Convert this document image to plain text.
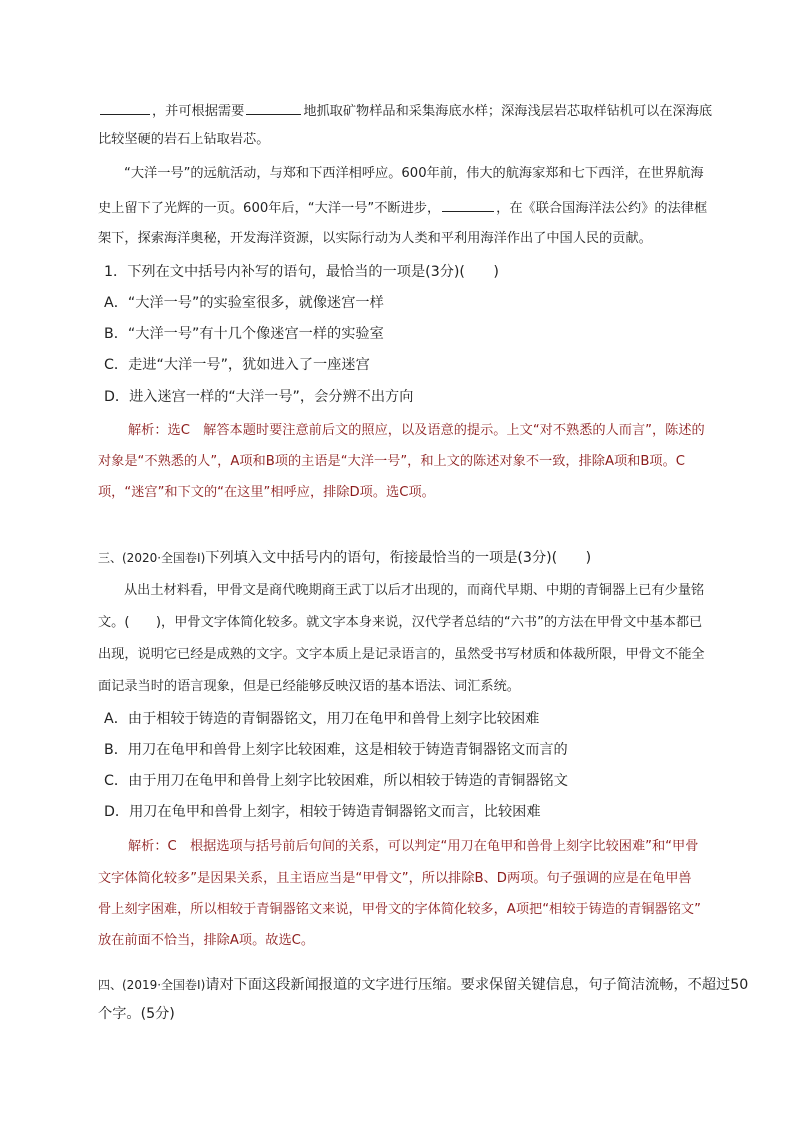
，并可根据需要	地抓取矿物样品和采集海底水样；深海浅层岩芯取样钻机可以在深海底
比较坚硬的岩石上钻取岩芯。
“大洋一号”的远航活动，与郑和下西洋相呼应。600年前，伟大的航海家郑和七下西洋，在世界航海
史上留下了光辉的一页。600年后，“大洋一号”不断进步，	，在《联合国海洋法公约》的法律框
架下，探索海洋奥秘，开发海洋资源，以实际行动为人类和平利用海洋作出了中国人民的贡献。
1．下列在文中括号内补写的语句，最恰当的一项是(3分)(　　)
A．“大洋一号”的实验室很多，就像迷宫一样
B．“大洋一号”有十几个像迷宫一样的实验室
C．走进“大洋一号”，犹如进入了一座迷宫
D．进入迷宫一样的“大洋一号”，会分辨不出方向
解析：选C　解答本题时要注意前后文的照应，以及语意的提示。上文“对不熟悉的人而言”，陈述的
对象是“不熟悉的人”，A项和B项的主语是“大洋一号”，和上文的陈述对象不一致，排除A项和B项。C
项，“迷宫”和下文的“在这里”相呼应，排除D项。选C项。
三、(2020·全国卷Ⅰ)下列填入文中括号内的语句，衔接最恰当的一项是(3分)(　　)
从出土材料看，甲骨文是商代晚期商王武丁以后才出现的，而商代早期、中期的青铜器上已有少量铭
文。(　　)，甲骨文字体简化较多。就文字本身来说，汉代学者总结的“六书”的方法在甲骨文中基本都已
出现，说明它已经是成熟的文字。文字本质上是记录语言的，虽然受书写材质和体裁所限，甲骨文不能全
面记录当时的语言现象，但是已经能够反映汉语的基本语法、词汇系统。
A．由于相较于铸造的青铜器铭文，用刀在龟甲和兽骨上刻字比较困难
B．用刀在龟甲和兽骨上刻字比较困难，这是相较于铸造青铜器铭文而言的
C．由于用刀在龟甲和兽骨上刻字比较困难，所以相较于铸造的青铜器铭文
D．用刀在龟甲和兽骨上刻字，相较于铸造青铜器铭文而言，比较困难
解析：C　根据选项与括号前后句间的关系，可以判定“用刀在龟甲和兽骨上刻字比较困难”和“甲骨
文字体简化较多”是因果关系，且主语应当是“甲骨文”，所以排除B、D两项。句子强调的应是在龟甲兽
骨上刻字困难，所以相较于青铜器铭文来说，甲骨文的字体简化较多，A项把“相较于铸造的青铜器铭文”
放在前面不恰当，排除A项。故选C。
四、(2019·全国卷Ⅰ)请对下面这段新闻报道的文字进行压缩。要求保留关键信息，句子简洁流畅，不超过50
个字。(5分)
